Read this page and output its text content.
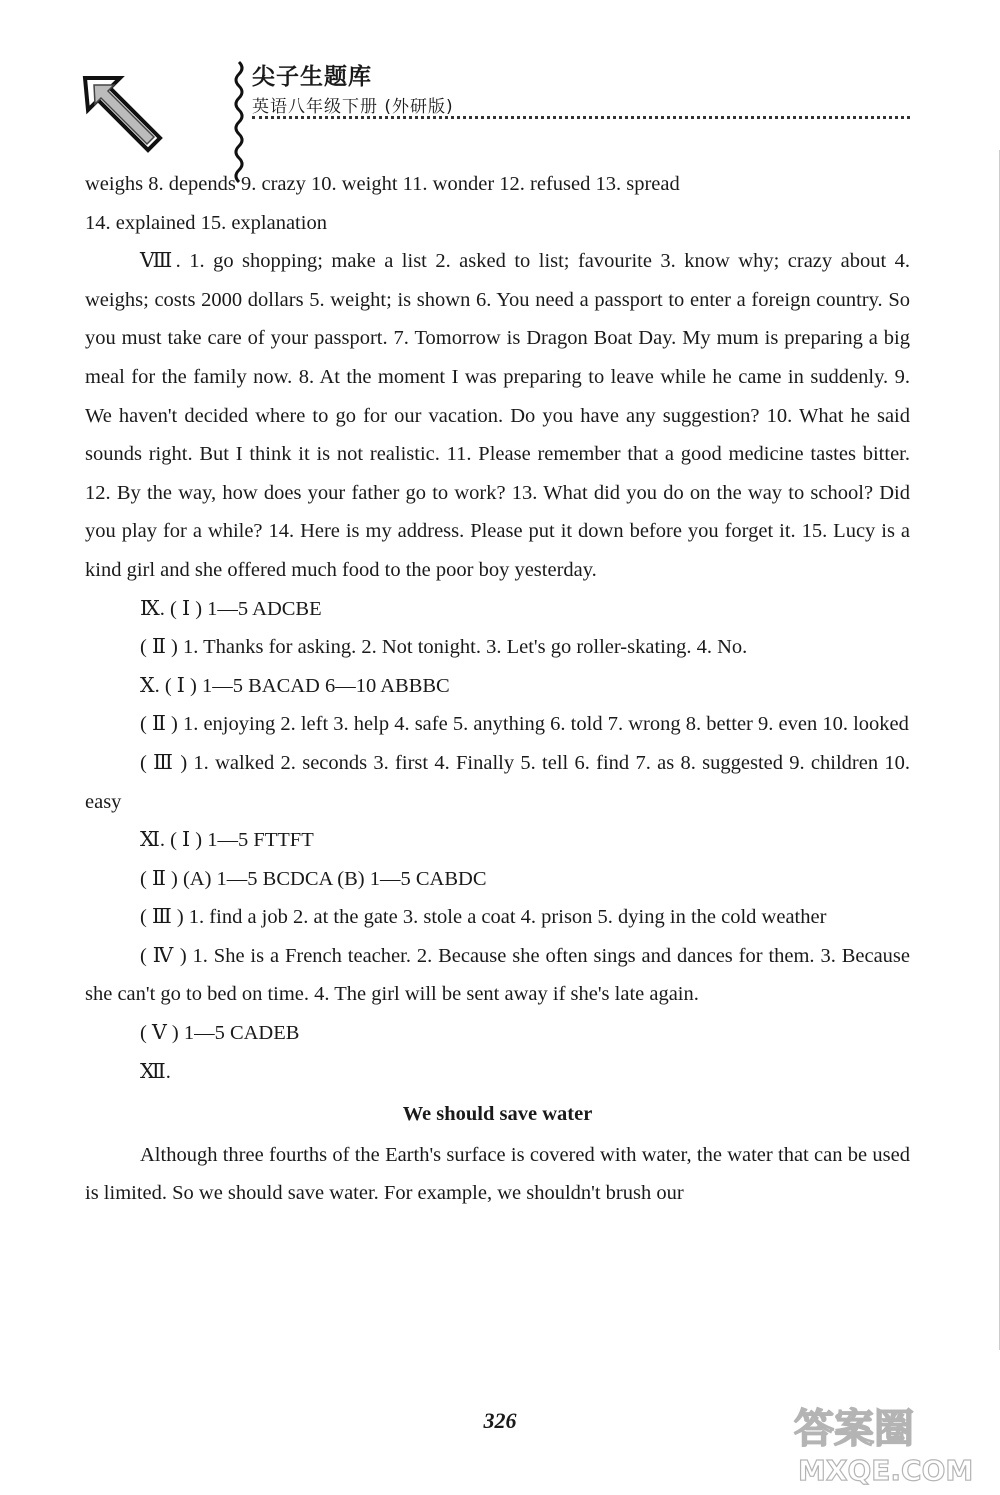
尖子生题库
英语八年级下册 (外研版)

weighs 8. depends 9. crazy 10. weight 11. wonder 12. refused 13. spread

14. explained 15. explanation

Ⅷ. 1. go shopping; make a list 2. asked to list; favourite 3. know why; crazy about 4. weighs; costs 2000 dollars 5. weight; is shown 6. You need a passport to enter a foreign country. So you must take care of your passport. 7. Tomorrow is Dragon Boat Day. My mum is preparing a big meal for the family now. 8. At the moment I was preparing to leave while he came in suddenly. 9. We haven't decided where to go for our vacation. Do you have any suggestion? 10. What he said sounds right. But I think it is not realistic. 11. Please remember that a good medicine tastes bitter. 12. By the way, how does your father go to work? 13. What did you do on the way to school? Did you play for a while? 14. Here is my address. Please put it down before you forget it. 15. Lucy is a kind girl and she offered much food to the poor boy yesterday.

Ⅸ. ( Ⅰ ) 1—5 ADCBE

( Ⅱ ) 1. Thanks for asking. 2. Not tonight. 3. Let's go roller-skating. 4. No.

Ⅹ. ( Ⅰ ) 1—5 BACAD 6—10 ABBBC

( Ⅱ ) 1. enjoying 2. left 3. help 4. safe 5. anything 6. told 7. wrong 8. better 9. even 10. looked

( Ⅲ ) 1. walked 2. seconds 3. first 4. Finally 5. tell 6. find 7. as 8. suggested 9. children 10. easy

Ⅺ. ( Ⅰ ) 1—5 FTTFT

( Ⅱ ) (A) 1—5 BCDCA (B) 1—5 CABDC

( Ⅲ ) 1. find a job 2. at the gate 3. stole a coat 4. prison 5. dying in the cold weather

( Ⅳ ) 1. She is a French teacher. 2. Because she often sings and dances for them. 3. Because she can't go to bed on time. 4. The girl will be sent away if she's late again.

( Ⅴ ) 1—5 CADEB

Ⅻ.

We should save water

Although three fourths of the Earth's surface is covered with water, the water that can be used is limited. So we should save water. For example, we shouldn't brush our

326	答案圈
MXQE.COM
